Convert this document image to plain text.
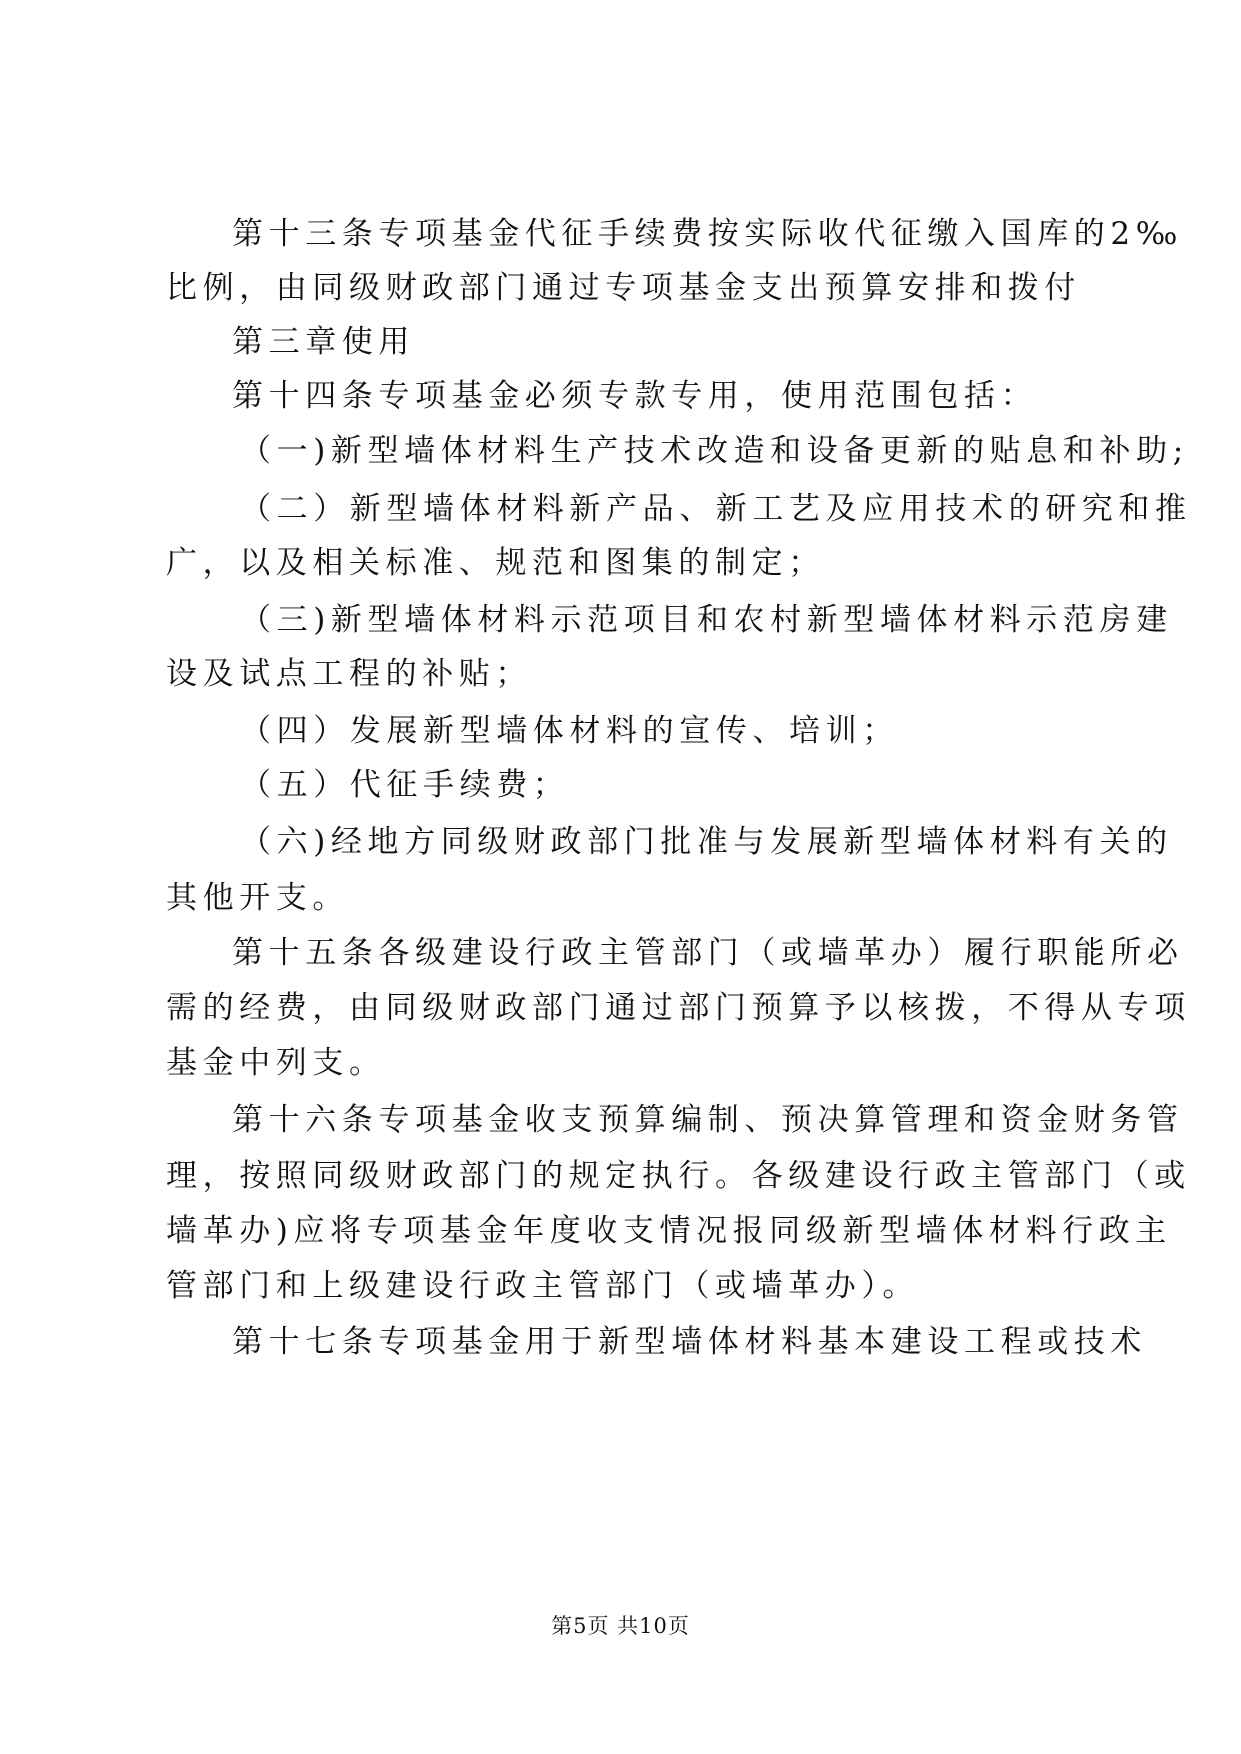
第十三条专项基金代征手续费按实际收代征缴入国库的2‰
比例，由同级财政部门通过专项基金支出预算安排和拨付
第三章使用
第十四条专项基金必须专款专用，使用范围包括：
（一)新型墙体材料生产技术改造和设备更新的贴息和补助;
（二）新型墙体材料新产品、新工艺及应用技术的研究和推
广，以及相关标准、规范和图集的制定；
（三)新型墙体材料示范项目和农村新型墙体材料示范房建
设及试点工程的补贴；
（四）发展新型墙体材料的宣传、培训；
（五）代征手续费；
（六)经地方同级财政部门批准与发展新型墙体材料有关的
其他开支。
第十五条各级建设行政主管部门（或墙革办）履行职能所必
需的经费，由同级财政部门通过部门预算予以核拨，不得从专项
基金中列支。
第十六条专项基金收支预算编制、预决算管理和资金财务管
理，按照同级财政部门的规定执行。各级建设行政主管部门（或
墙革办)应将专项基金年度收支情况报同级新型墙体材料行政主
管部门和上级建设行政主管部门（或墙革办）。
第十七条专项基金用于新型墙体材料基本建设工程或技术
第5页 共10页
